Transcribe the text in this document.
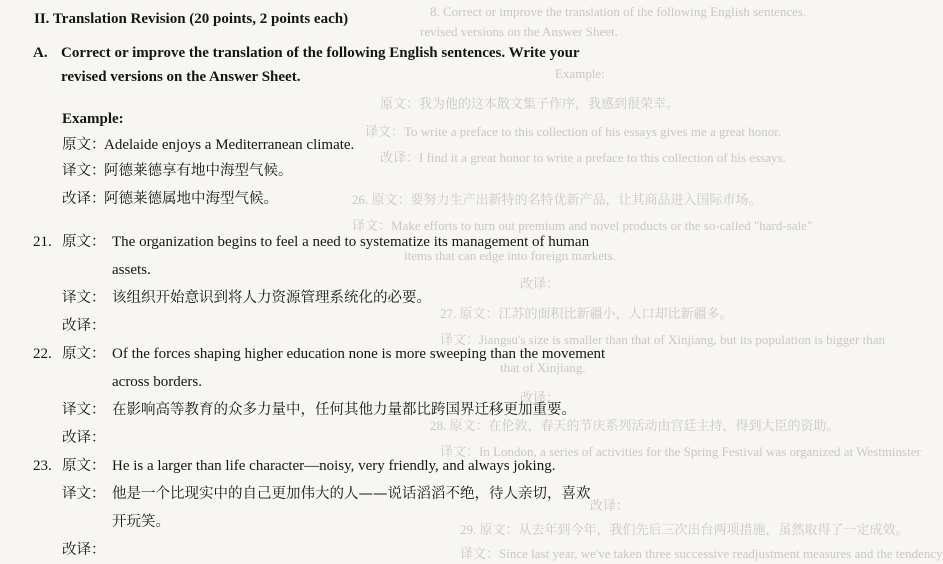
8. Correct or improve the translation of the following English sentences.
revised versions on the Answer Sheet.
Example:
原文：我为他的这本散文集子作序，我感到很荣幸。
译文：To write a preface to this collection of his essays gives me a great honor.
改译：I find it a great honor to write a preface to this collection of his essays.
26. 原文：要努力生产出新特的名特优新产品，让其商品进入国际市场。
译文：Make efforts to turn out premium and novel products or the so-called "hard-sale"
items that can edge into foreign markets.
改译：
27. 原文：江苏的面积比新疆小，人口却比新疆多。
译文：Jiangsu's size is smaller than that of Xinjiang, but its population is bigger than
that of Xinjiang.
改译：
28. 原文：在伦敦，春天的节庆系列活动由宫廷主持，得到大臣的资助。
译文：In London, a series of activities for the Spring Festival was organized at Westminster
改译：
29. 原文：从去年到今年，我们先后三次出台两项措施，虽然取得了一定成效。
译文：Since last year, we've taken three successive readjustment measures and the tendency
II. Translation Revision (20 points, 2 points each)
A. Correct or improve the translation of the following English sentences. Write your
revised versions on the Answer Sheet.
Example:
原文：
Adelaide enjoys a Mediterranean climate.
译文：
阿德莱德享有地中海型气候。
改译：
阿德莱德属地中海型气候。
21. 原文： The organization begins to feel a need to systematize its management of human
assets.
译文： 该组织开始意识到将人力资源管理系统化的必要。
改译：
22. 原文： Of the forces shaping higher education none is more sweeping than the movement
across borders.
译文： 在影响高等教育的众多力量中，任何其他力量都比跨国界迁移更加重要。
改译：
23. 原文： He is a larger than life character—noisy, very friendly, and always joking.
译文： 他是一个比现实中的自己更加伟大的人——说话滔滔不绝，待人亲切，喜欢
开玩笑。
改译：
